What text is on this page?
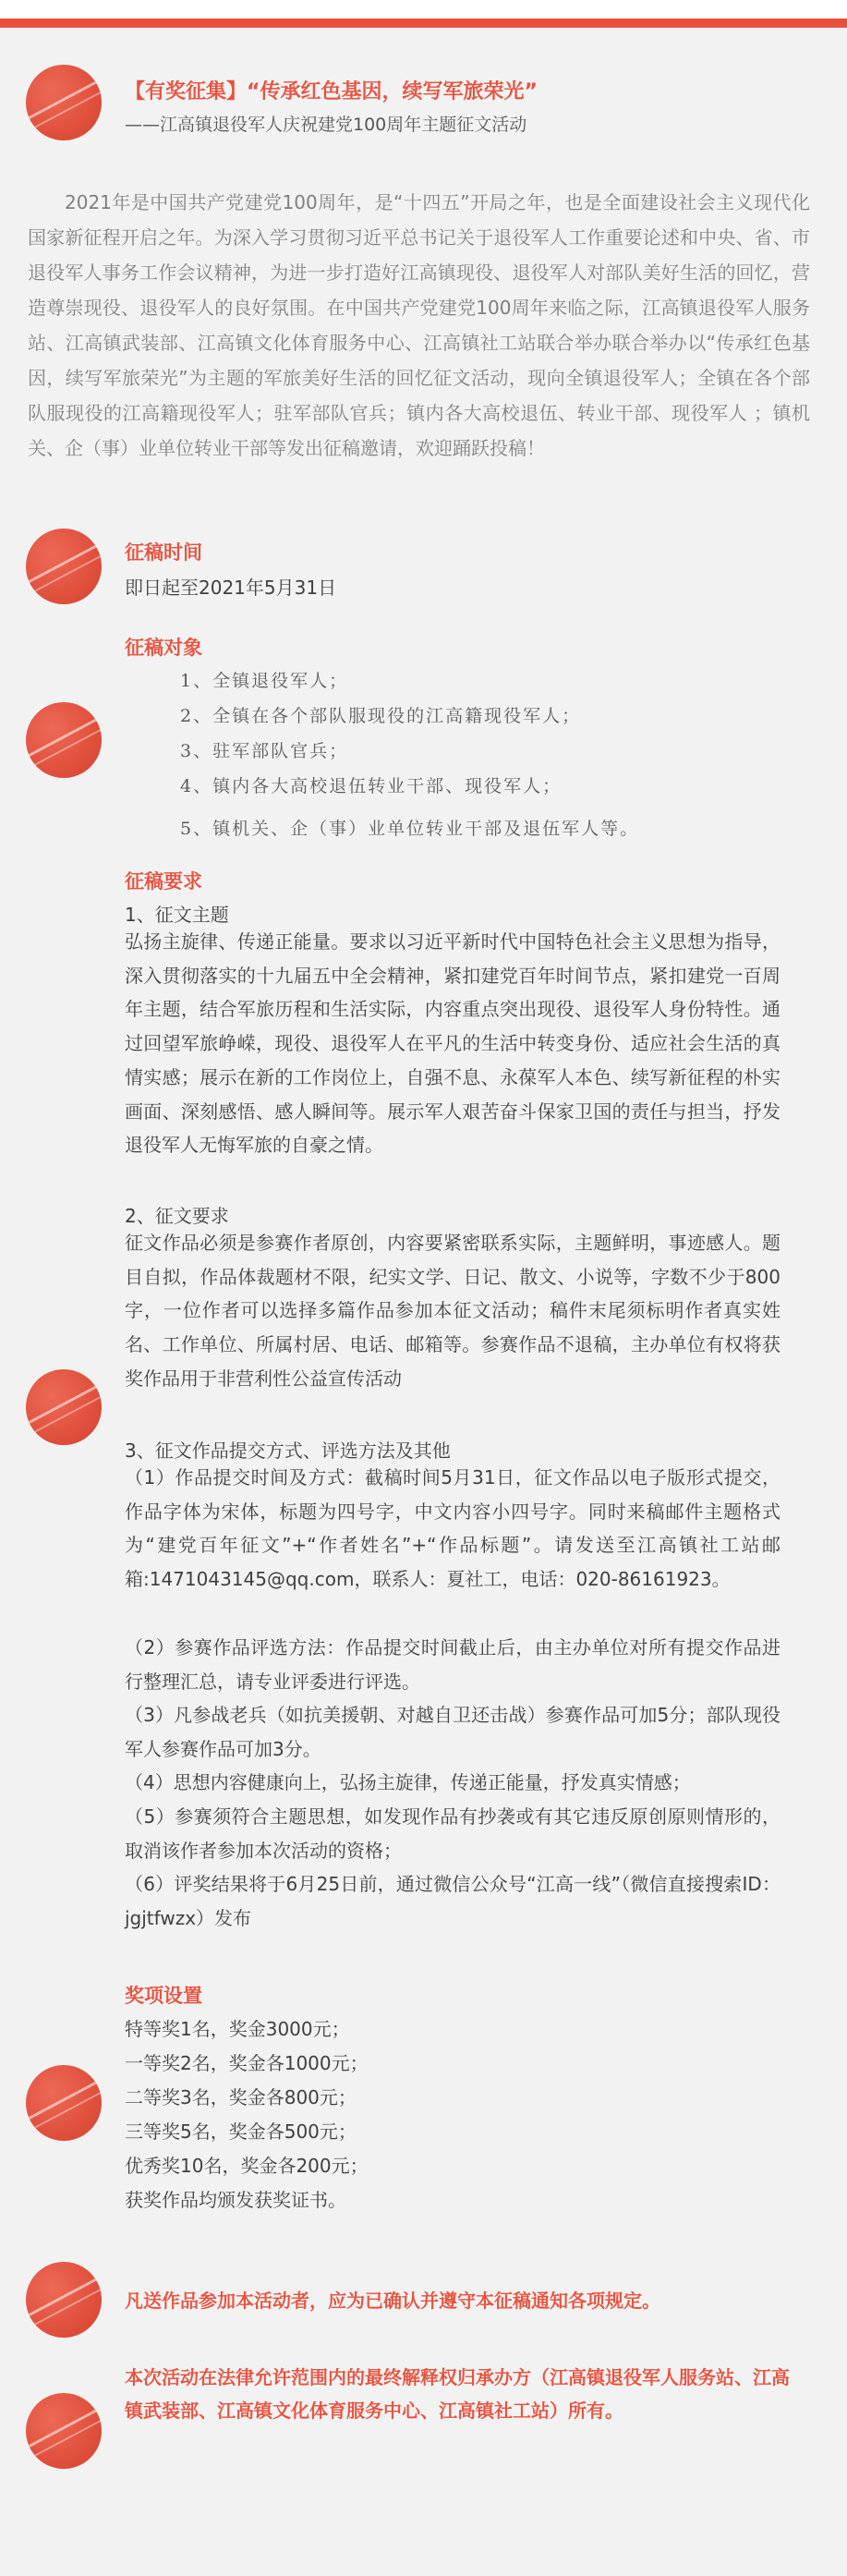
【有奖征集】“传承红色基因，续写军旅荣光”
——江高镇退役军人庆祝建党100周年主题征文活动

2021年是中国共产党建党100周年，是“十四五”开局之年，也是全面建设社会主义现代化国家新征程开启之年。为深入学习贯彻习近平总书记关于退役军人工作重要论述和中央、省、市退役军人事务工作会议精神，为进一步打造好江高镇现役、退役军人对部队美好生活的回忆，营造尊崇现役、退役军人的良好氛围。在中国共产党建党100周年来临之际，江高镇退役军人服务站、江高镇武装部、江高镇文化体育服务中心、江高镇社工站联合举办联合举办以“传承红色基因，续写军旅荣光”为主题的军旅美好生活的回忆征文活动，现向全镇退役军人；全镇在各个部队服现役的江高籍现役军人；驻军部队官兵；镇内各大高校退伍、转业干部、现役军人 ；镇机关、企（事）业单位转业干部等发出征稿邀请，欢迎踊跃投稿！

征稿时间
即日起至2021年5月31日
征稿对象
1、全镇退役军人；
2、全镇在各个部队服现役的江高籍现役军人；
3、驻军部队官兵；
4、镇内各大高校退伍转业干部、现役军人；
5、镇机关、企（事）业单位转业干部及退伍军人等。
征稿要求
1、征文主题

弘扬主旋律、传递正能量。要求以习近平新时代中国特色社会主义思想为指导，深入贯彻落实的十九届五中全会精神，紧扣建党百年时间节点，紧扣建党一百周年主题，结合军旅历程和生活实际，内容重点突出现役、退役军人身份特性。通过回望军旅峥嵘，现役、退役军人在平凡的生活中转变身份、适应社会生活的真情实感；展示在新的工作岗位上，自强不息、永葆军人本色、续写新征程的朴实画面、深刻感悟、感人瞬间等。展示军人艰苦奋斗保家卫国的责任与担当，抒发退役军人无悔军旅的自豪之情。

2、征文要求

征文作品必须是参赛作者原创，内容要紧密联系实际，主题鲜明，事迹感人。题目自拟，作品体裁题材不限，纪实文学、日记、散文、小说等，字数不少于800字，一位作者可以选择多篇作品参加本征文活动；稿件末尾须标明作者真实姓名、工作单位、所属村居、电话、邮箱等。参赛作品不退稿，主办单位有权将获奖作品用于非营利性公益宣传活动

3、征文作品提交方式、评选方法及其他

（1）作品提交时间及方式：截稿时间5月31日，征文作品以电子版形式提交，作品字体为宋体，标题为四号字，中文内容小四号字。同时来稿邮件主题格式为“建党百年征文”+“作者姓名”+“作品标题”。请发送至江高镇社工站邮箱:1471043145@qq.com，联系人：夏社工，电话：020-86161923。

（2）参赛作品评选方法：作品提交时间截止后，由主办单位对所有提交作品进行整理汇总，请专业评委进行评选。

（3）凡参战老兵（如抗美援朝、对越自卫还击战）参赛作品可加5分；部队现役军人参赛作品可加3分。

（4）思想内容健康向上，弘扬主旋律，传递正能量，抒发真实情感；

（5）参赛须符合主题思想，如发现作品有抄袭或有其它违反原创原则情形的，取消该作者参加本次活动的资格；

（6）评奖结果将于6月25日前，通过微信公众号“江高一线”（微信直接搜索ID：jgjtfwzx）发布

奖项设置
特等奖1名，奖金3000元；
一等奖2名，奖金各1000元；
二等奖3名，奖金各800元；
三等奖5名，奖金各500元；
优秀奖10名，奖金各200元；
获奖作品均颁发获奖证书。

凡送作品参加本活动者，应为已确认并遵守本征稿通知各项规定。

本次活动在法律允许范围内的最终解释权归承办方（江高镇退役军人服务站、江高镇武装部、江高镇文化体育服务中心、江高镇社工站）所有。
